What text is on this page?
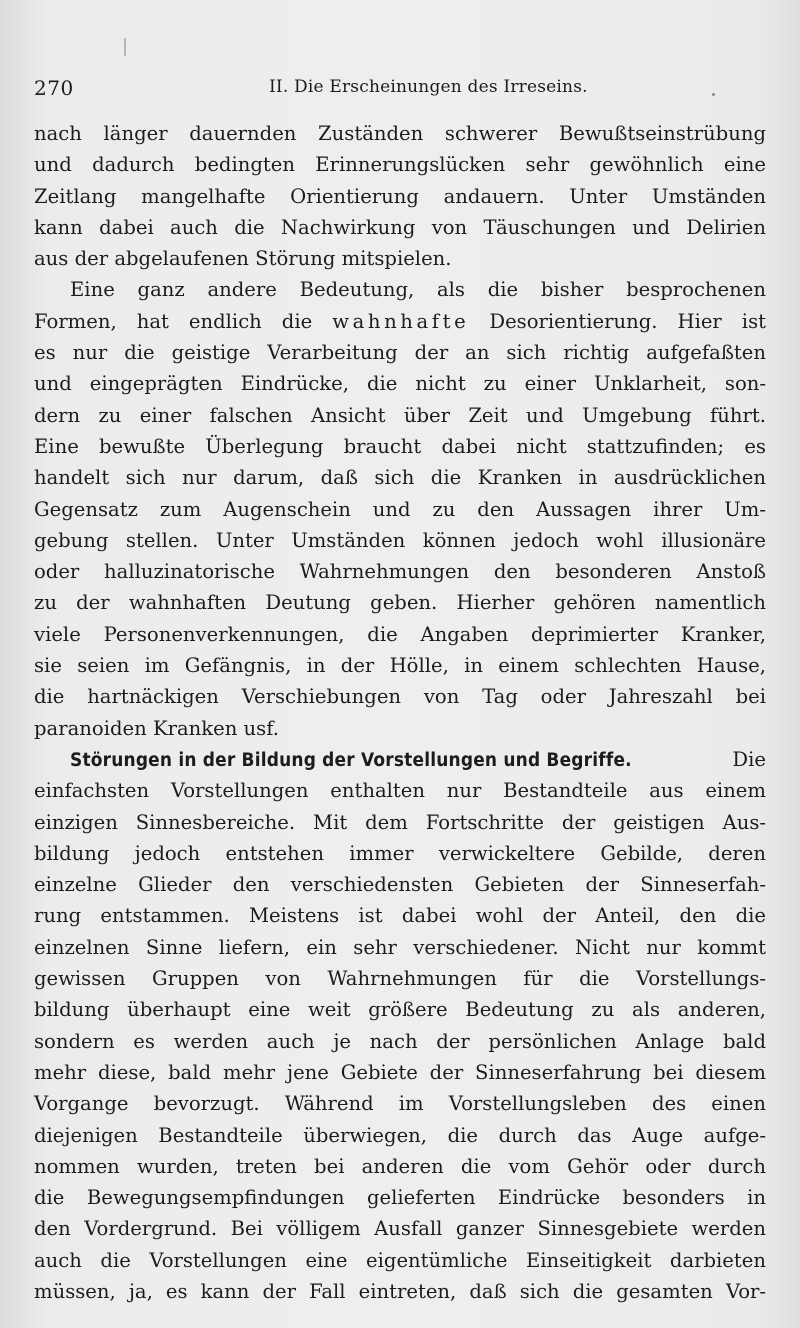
270	II. Die Erscheinungen des Irreseins.
nach länger dauernden Zuständen schwerer Bewußtseinstrübung
und dadurch bedingten Erinnerungslücken sehr gewöhnlich eine
Zeitlang mangelhafte Orientierung andauern. Unter Umständen
kann dabei auch die Nachwirkung von Täuschungen und Delirien
aus der abgelaufenen Störung mitspielen.
Eine ganz andere Bedeutung, als die bisher besprochenen
Formen, hat endlich die wahnhafte Desorientierung. Hier ist
es nur die geistige Verarbeitung der an sich richtig aufgefaßten
und eingeprägten Eindrücke, die nicht zu einer Unklarheit, son-
dern zu einer falschen Ansicht über Zeit und Umgebung führt.
Eine bewußte Überlegung braucht dabei nicht stattzufinden; es
handelt sich nur darum, daß sich die Kranken in ausdrücklichen
Gegensatz zum Augenschein und zu den Aussagen ihrer Um-
gebung stellen. Unter Umständen können jedoch wohl illusionäre
oder halluzinatorische Wahrnehmungen den besonderen Anstoß
zu der wahnhaften Deutung geben. Hierher gehören namentlich
viele Personenverkennungen, die Angaben deprimierter Kranker,
sie seien im Gefängnis, in der Hölle, in einem schlechten Hause,
die hartnäckigen Verschiebungen von Tag oder Jahreszahl bei
paranoiden Kranken usf.
Störungen in der Bildung der Vorstellungen und Begriffe.	Die
einfachsten Vorstellungen enthalten nur Bestandteile aus einem
einzigen Sinnesbereiche. Mit dem Fortschritte der geistigen Aus-
bildung jedoch entstehen immer verwickeltere Gebilde, deren
einzelne Glieder den verschiedensten Gebieten der Sinneserfah-
rung entstammen. Meistens ist dabei wohl der Anteil, den die
einzelnen Sinne liefern, ein sehr verschiedener. Nicht nur kommt
gewissen Gruppen von Wahrnehmungen für die Vorstellungs-
bildung überhaupt eine weit größere Bedeutung zu als anderen,
sondern es werden auch je nach der persönlichen Anlage bald
mehr diese, bald mehr jene Gebiete der Sinneserfahrung bei diesem
Vorgange bevorzugt. Während im Vorstellungsleben des einen
diejenigen Bestandteile überwiegen, die durch das Auge aufge-
nommen wurden, treten bei anderen die vom Gehör oder durch
die Bewegungsempfindungen gelieferten Eindrücke besonders in
den Vordergrund. Bei völligem Ausfall ganzer Sinnesgebiete werden
auch die Vorstellungen eine eigentümliche Einseitigkeit darbieten
müssen, ja, es kann der Fall eintreten, daß sich die gesamten Vor-
